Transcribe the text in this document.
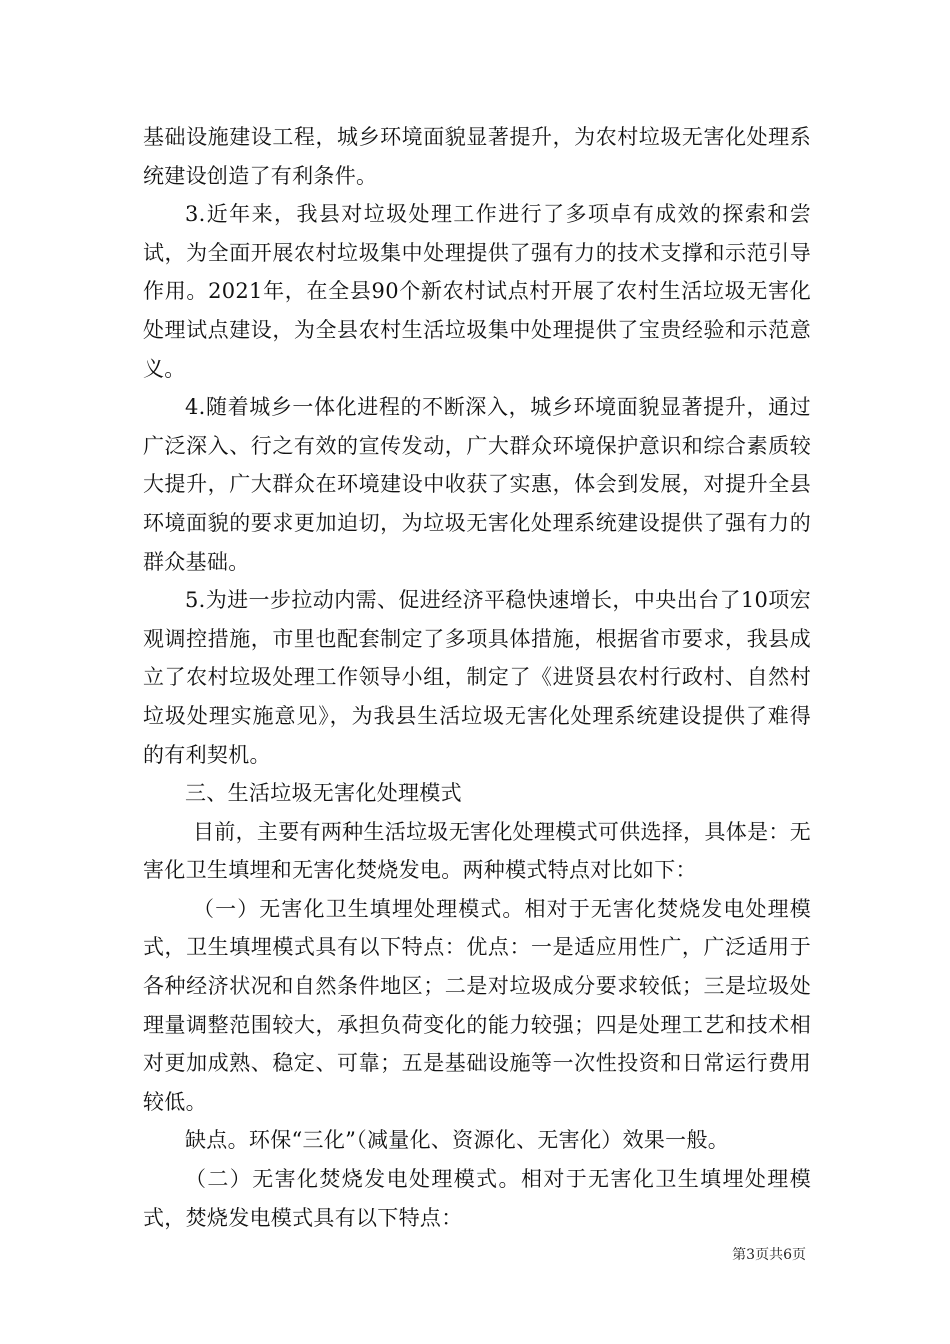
基础设施建设工程，城乡环境面貌显著提升，为农村垃圾无害化处理系统建设创造了有利条件。

3.近年来，我县对垃圾处理工作进行了多项卓有成效的探索和尝试，为全面开展农村垃圾集中处理提供了强有力的技术支撑和示范引导作用。2021年，在全县90个新农村试点村开展了农村生活垃圾无害化处理试点建设，为全县农村生活垃圾集中处理提供了宝贵经验和示范意义。

4.随着城乡一体化进程的不断深入，城乡环境面貌显著提升，通过广泛深入、行之有效的宣传发动，广大群众环境保护意识和综合素质较大提升，广大群众在环境建设中收获了实惠，体会到发展，对提升全县环境面貌的要求更加迫切，为垃圾无害化处理系统建设提供了强有力的群众基础。

5.为进一步拉动内需、促进经济平稳快速增长，中央出台了10项宏观调控措施，市里也配套制定了多项具体措施，根据省市要求，我县成立了农村垃圾处理工作领导小组，制定了《进贤县农村行政村、自然村垃圾处理实施意见》，为我县生活垃圾无害化处理系统建设提供了难得的有利契机。

三、生活垃圾无害化处理模式

目前，主要有两种生活垃圾无害化处理模式可供选择，具体是：无害化卫生填埋和无害化焚烧发电。两种模式特点对比如下：

（一）无害化卫生填埋处理模式。相对于无害化焚烧发电处理模式，卫生填埋模式具有以下特点：优点：一是适应用性广，广泛适用于各种经济状况和自然条件地区；二是对垃圾成分要求较低；三是垃圾处理量调整范围较大，承担负荷变化的能力较强；四是处理工艺和技术相对更加成熟、稳定、可靠；五是基础设施等一次性投资和日常运行费用较低。

缺点。环保“三化”（减量化、资源化、无害化）效果一般。

（二）无害化焚烧发电处理模式。相对于无害化卫生填埋处理模式，焚烧发电模式具有以下特点：

第3页共6页
